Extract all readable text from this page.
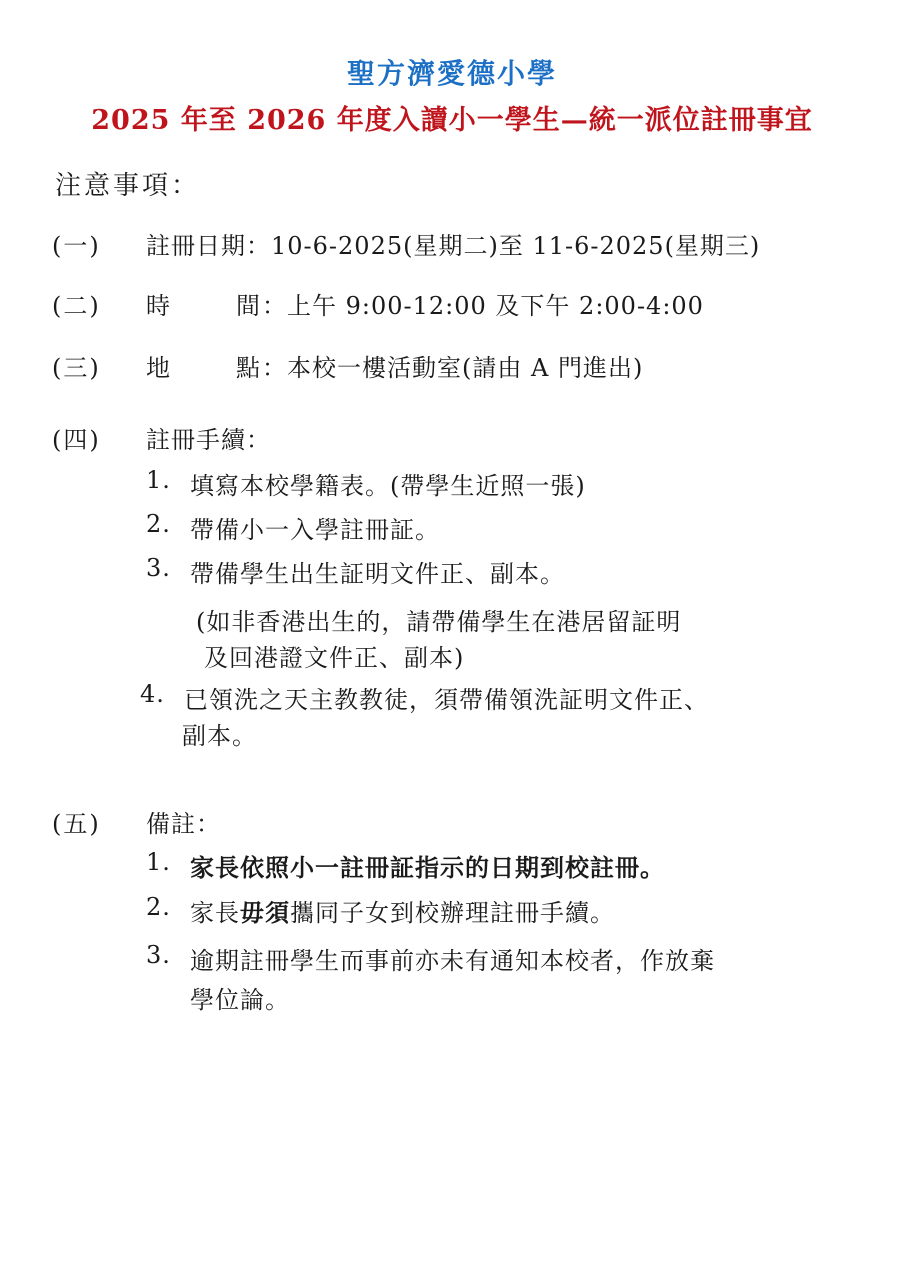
聖方濟愛德小學
2025 年至 2026 年度入讀小一學生—統一派位註冊事宜
注意事項：
(一) 註冊日期：10-6-2025(星期二)至 11-6-2025(星期三)
(二) 時	間 ：上午 9:00-12:00 及下午 2:00-4:00
(三) 地	點 ：本校一樓活動室(請由 A 門進出)
(四) 註冊手續：
1. 填寫本校學籍表。(帶學生近照一張)
2. 帶備小一入學註冊証。
3. 帶備學生出生証明文件正、副本。
(如非香港出生的，請帶備學生在港居留証明
及回港證文件正、副本)
4. 已領洗之天主教教徒，須帶備領洗証明文件正、
副本。
(五) 備註：
1. 家長依照小一註冊証指示的日期到校註冊。
2. 家長毋須攜同子女到校辦理註冊手續。
3. 逾期註冊學生而事前亦未有通知本校者，作放棄
學位論。
